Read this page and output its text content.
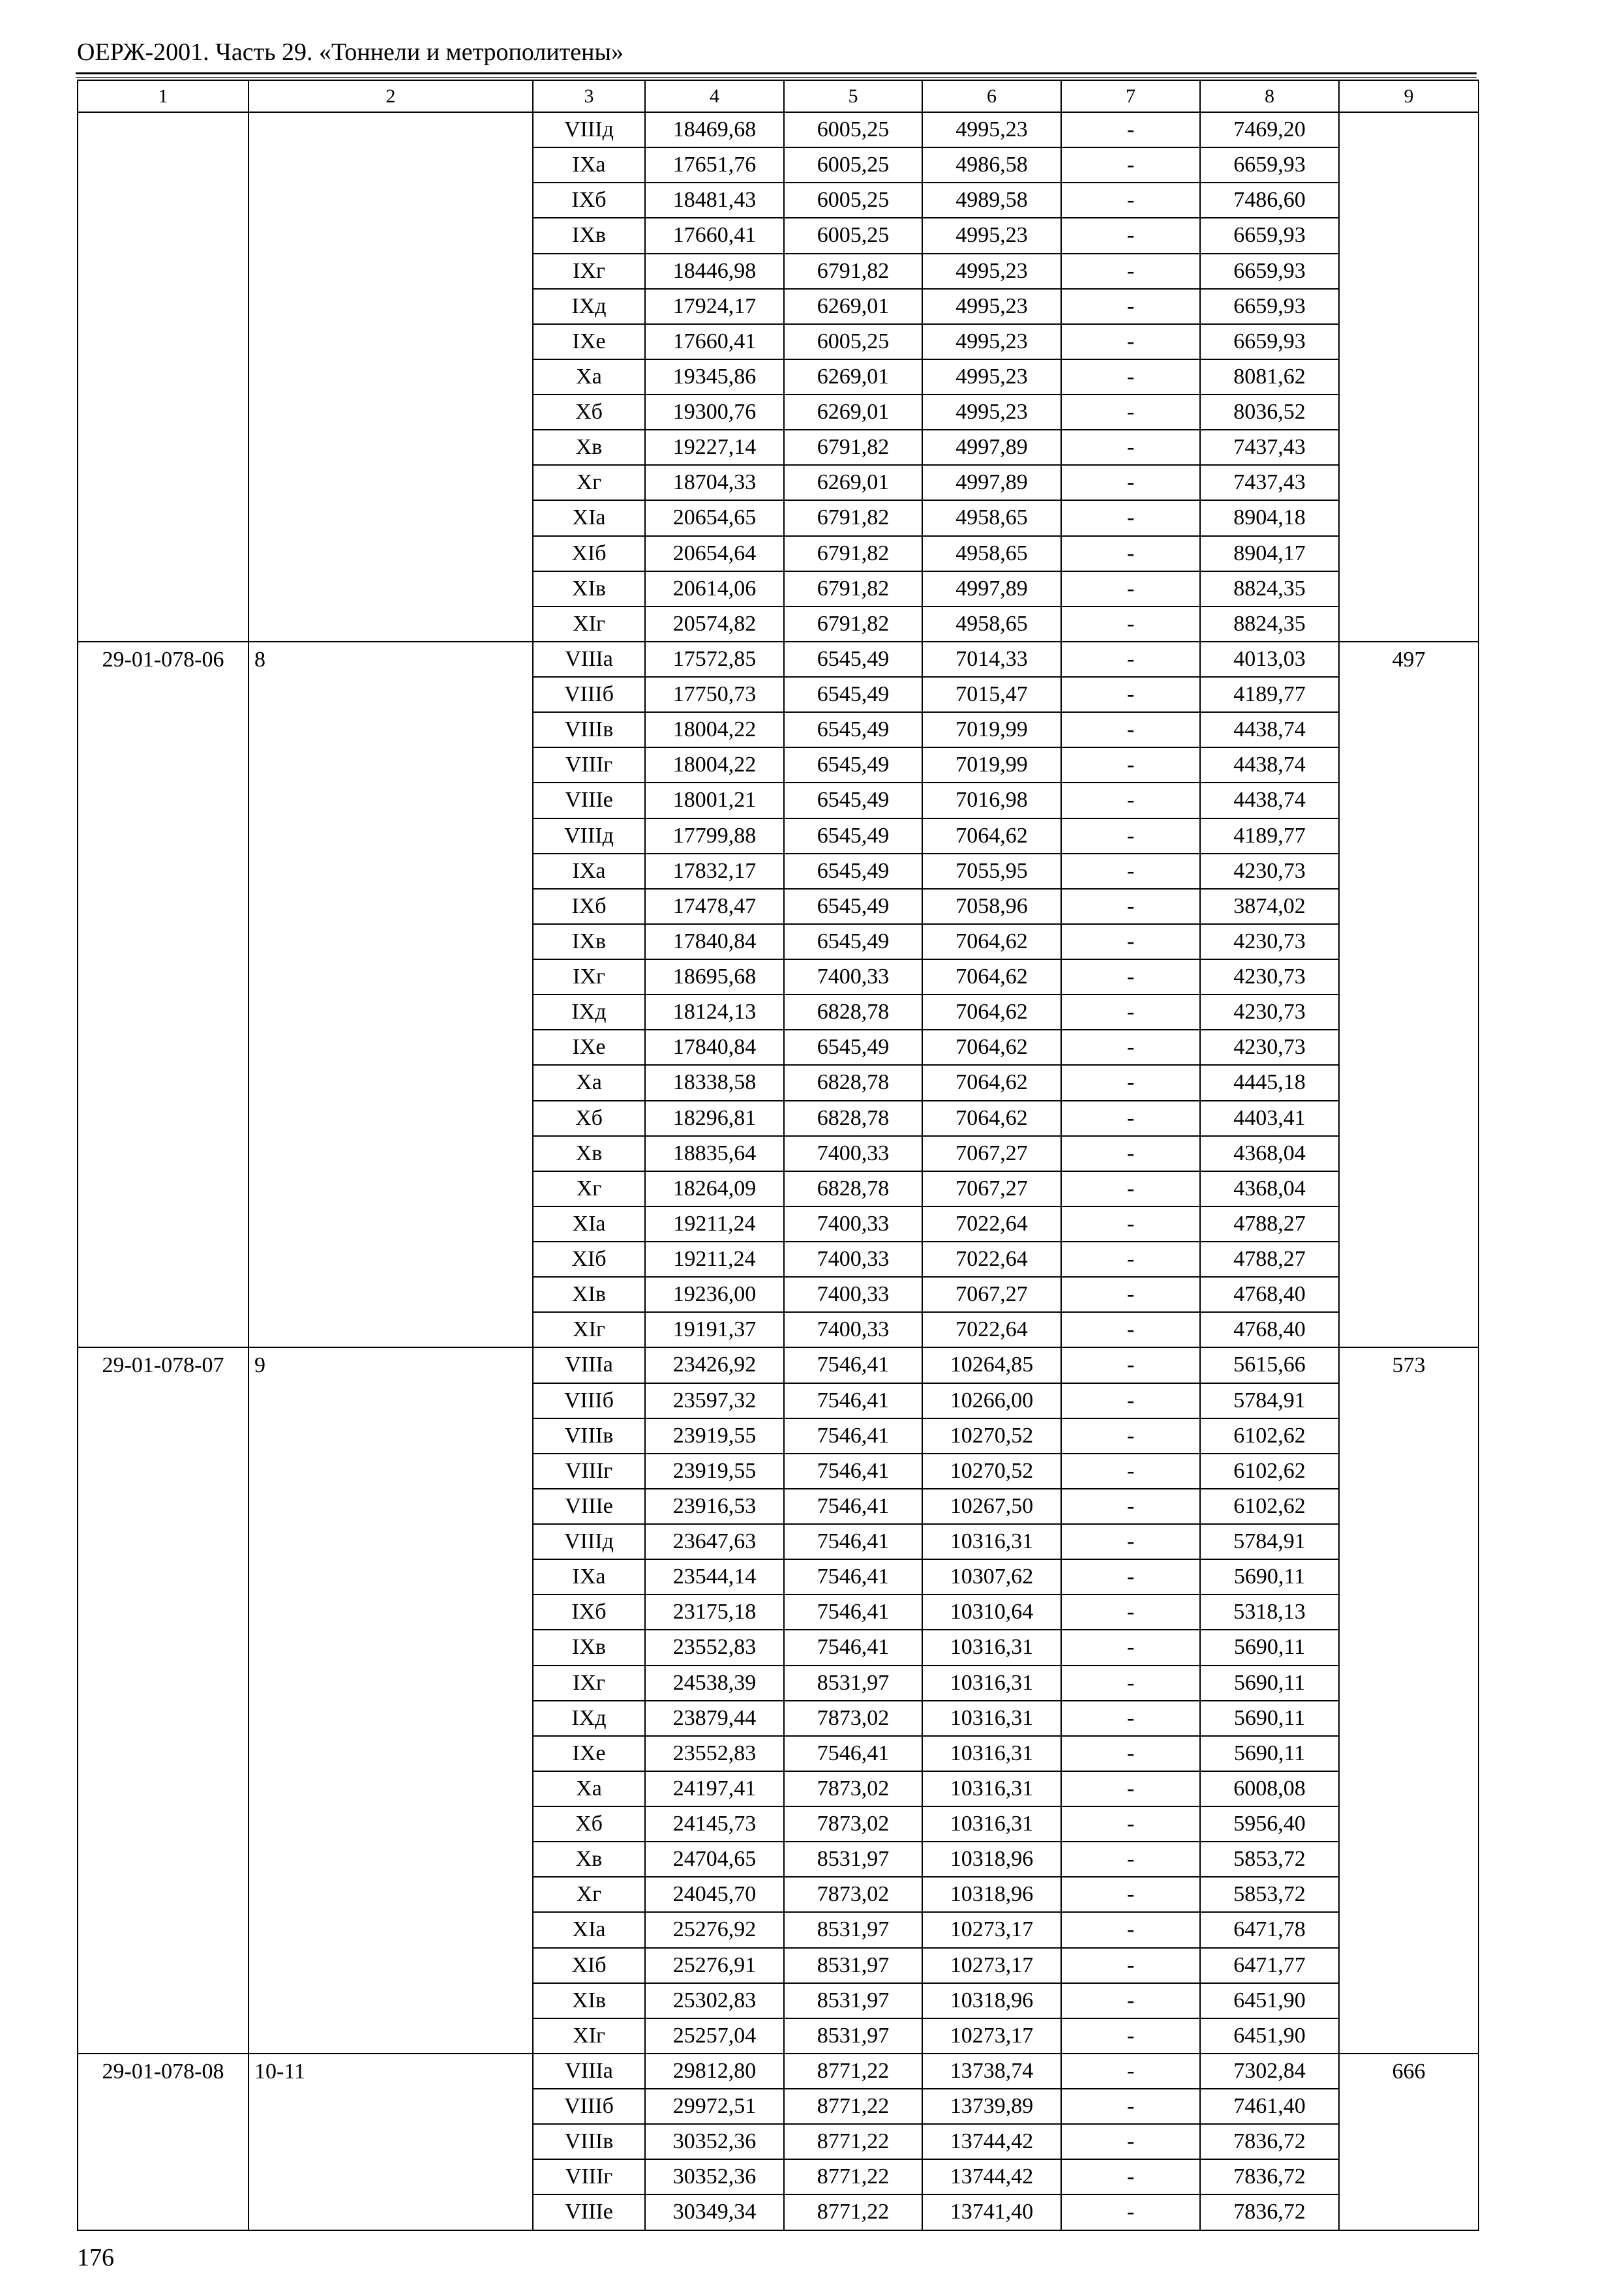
ОЕРЖ-2001. Часть 29. «Тоннели и метрополитены»
1	2	3	4	5	6	7	8	9
		VIIIд	18469,68	6005,25	4995,23	-	7469,20	
		IXа	17651,76	6005,25	4986,58	-	6659,93	
		IXб	18481,43	6005,25	4989,58	-	7486,60	
		IXв	17660,41	6005,25	4995,23	-	6659,93	
		IXг	18446,98	6791,82	4995,23	-	6659,93	
		IXд	17924,17	6269,01	4995,23	-	6659,93	
		IXе	17660,41	6005,25	4995,23	-	6659,93	
		Xа	19345,86	6269,01	4995,23	-	8081,62	
		Xб	19300,76	6269,01	4995,23	-	8036,52	
		Xв	19227,14	6791,82	4997,89	-	7437,43	
		Xг	18704,33	6269,01	4997,89	-	7437,43	
		XIа	20654,65	6791,82	4958,65	-	8904,18	
		XIб	20654,64	6791,82	4958,65	-	8904,17	
		XIв	20614,06	6791,82	4997,89	-	8824,35	
		XIг	20574,82	6791,82	4958,65	-	8824,35	
29-01-078-06	8	VIIIа	17572,85	6545,49	7014,33	-	4013,03	497
		VIIIб	17750,73	6545,49	7015,47	-	4189,77	
		VIIIв	18004,22	6545,49	7019,99	-	4438,74	
		VIIIг	18004,22	6545,49	7019,99	-	4438,74	
		VIIIе	18001,21	6545,49	7016,98	-	4438,74	
		VIIIд	17799,88	6545,49	7064,62	-	4189,77	
		IXа	17832,17	6545,49	7055,95	-	4230,73	
		IXб	17478,47	6545,49	7058,96	-	3874,02	
		IXв	17840,84	6545,49	7064,62	-	4230,73	
		IXг	18695,68	7400,33	7064,62	-	4230,73	
		IXд	18124,13	6828,78	7064,62	-	4230,73	
		IXе	17840,84	6545,49	7064,62	-	4230,73	
		Xа	18338,58	6828,78	7064,62	-	4445,18	
		Xб	18296,81	6828,78	7064,62	-	4403,41	
		Xв	18835,64	7400,33	7067,27	-	4368,04	
		Xг	18264,09	6828,78	7067,27	-	4368,04	
		XIа	19211,24	7400,33	7022,64	-	4788,27	
		XIб	19211,24	7400,33	7022,64	-	4788,27	
		XIв	19236,00	7400,33	7067,27	-	4768,40	
		XIг	19191,37	7400,33	7022,64	-	4768,40	
29-01-078-07	9	VIIIа	23426,92	7546,41	10264,85	-	5615,66	573
		VIIIб	23597,32	7546,41	10266,00	-	5784,91	
		VIIIв	23919,55	7546,41	10270,52	-	6102,62	
		VIIIг	23919,55	7546,41	10270,52	-	6102,62	
		VIIIе	23916,53	7546,41	10267,50	-	6102,62	
		VIIIд	23647,63	7546,41	10316,31	-	5784,91	
		IXа	23544,14	7546,41	10307,62	-	5690,11	
		IXб	23175,18	7546,41	10310,64	-	5318,13	
		IXв	23552,83	7546,41	10316,31	-	5690,11	
		IXг	24538,39	8531,97	10316,31	-	5690,11	
		IXд	23879,44	7873,02	10316,31	-	5690,11	
		IXе	23552,83	7546,41	10316,31	-	5690,11	
		Xа	24197,41	7873,02	10316,31	-	6008,08	
		Xб	24145,73	7873,02	10316,31	-	5956,40	
		Xв	24704,65	8531,97	10318,96	-	5853,72	
		Xг	24045,70	7873,02	10318,96	-	5853,72	
		XIа	25276,92	8531,97	10273,17	-	6471,78	
		XIб	25276,91	8531,97	10273,17	-	6471,77	
		XIв	25302,83	8531,97	10318,96	-	6451,90	
		XIг	25257,04	8531,97	10273,17	-	6451,90	
29-01-078-08	10-11	VIIIа	29812,80	8771,22	13738,74	-	7302,84	666
		VIIIб	29972,51	8771,22	13739,89	-	7461,40	
		VIIIв	30352,36	8771,22	13744,42	-	7836,72	
		VIIIг	30352,36	8771,22	13744,42	-	7836,72	
		VIIIе	30349,34	8771,22	13741,40	-	7836,72	
176
